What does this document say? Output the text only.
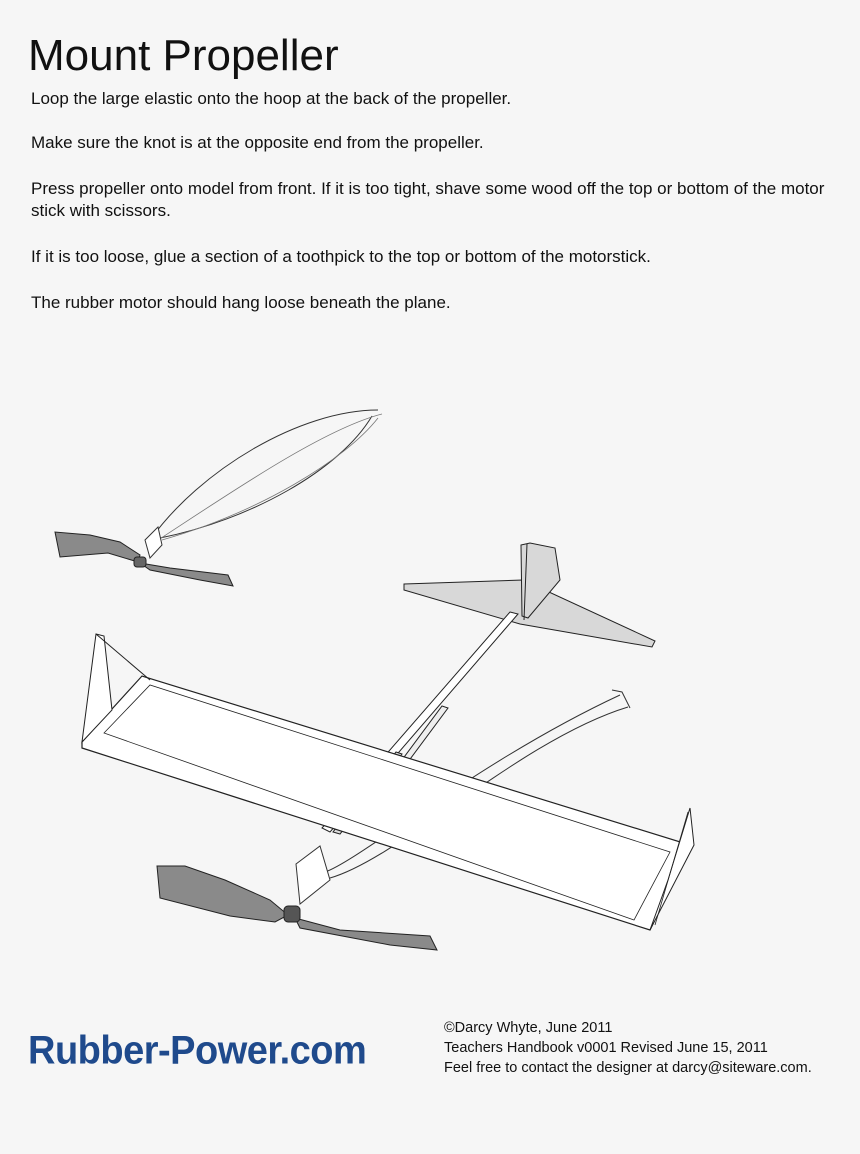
Mount Propeller

Loop the large elastic onto the hoop at the back of the propeller.

Make sure the knot is at the opposite end from the propeller.

Press propeller onto model from front. If it is too tight, shave some wood off the top or bottom of the motor stick with scissors.

If it is too loose, glue a section of a toothpick to the top or bottom of the motorstick.

The rubber motor should hang loose beneath the plane.

Rubber-Power.com
©Darcy Whyte, June 2011
Teachers Handbook v0001 Revised June 15, 2011
Feel free to contact the designer at darcy@siteware.com.
